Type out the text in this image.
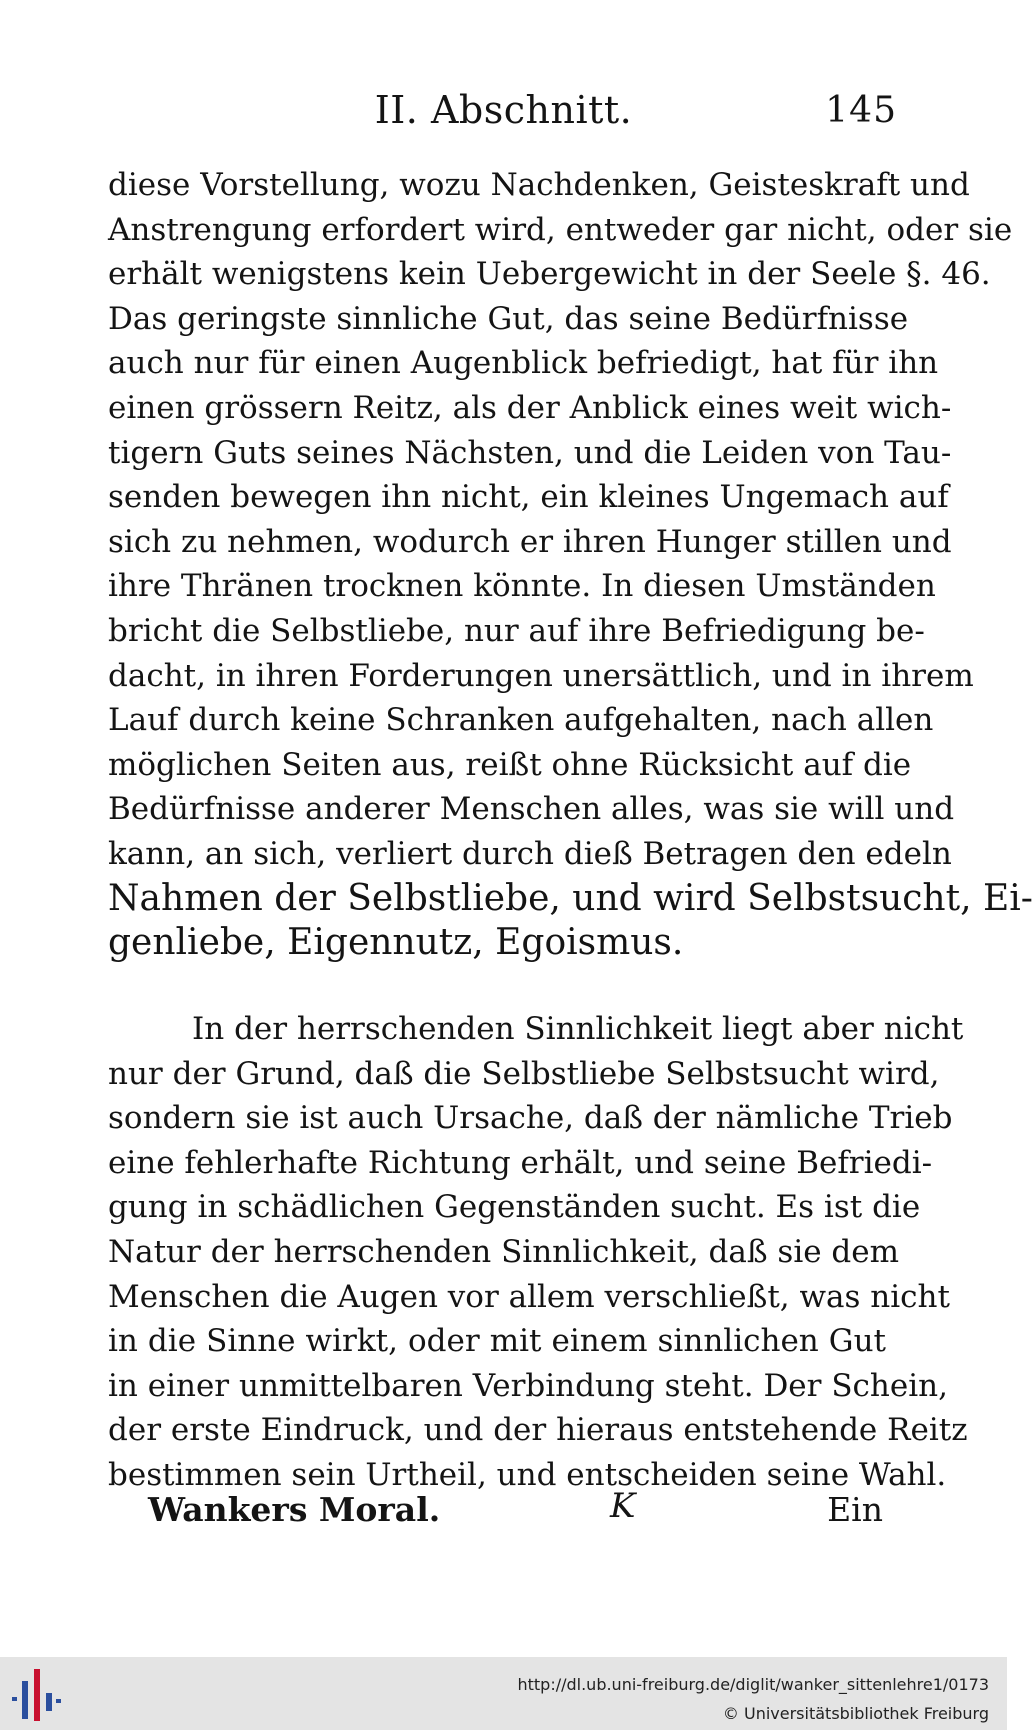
II. Abschnitt.	145
diese Vorstellung, wozu Nachdenken, Geisteskraft und
Anstrengung erfordert wird, entweder gar nicht, oder sie
erhält wenigstens kein Uebergewicht in der Seele §. 46.
Das geringste sinnliche Gut, das seine Bedürfnisse
auch nur für einen Augenblick befriedigt, hat für ihn
einen grössern Reitz, als der Anblick eines weit wich-
tigern Guts seines Nächsten, und die Leiden von Tau-
senden bewegen ihn nicht, ein kleines Ungemach auf
sich zu nehmen, wodurch er ihren Hunger stillen und
ihre Thränen trocknen könnte. In diesen Umständen
bricht die Selbstliebe, nur auf ihre Befriedigung be-
dacht, in ihren Forderungen unersättlich, und in ihrem
Lauf durch keine Schranken aufgehalten, nach allen
möglichen Seiten aus, reißt ohne Rücksicht auf die
Bedürfnisse anderer Menschen alles, was sie will und
kann, an sich, verliert durch dieß Betragen den edeln
Nahmen der Selbstliebe, und wird Selbstsucht, Ei-
genliebe, Eigennutz, Egoismus.
In der herrschenden Sinnlichkeit liegt aber nicht
nur der Grund, daß die Selbstliebe Selbstsucht wird,
sondern sie ist auch Ursache, daß der nämliche Trieb
eine fehlerhafte Richtung erhält, und seine Befriedi-
gung in schädlichen Gegenständen sucht. Es ist die
Natur der herrschenden Sinnlichkeit, daß sie dem
Menschen die Augen vor allem verschließt, was nicht
in die Sinne wirkt, oder mit einem sinnlichen Gut
in einer unmittelbaren Verbindung steht. Der Schein,
der erste Eindruck, und der hieraus entstehende Reitz
bestimmen sein Urtheil, und entscheiden seine Wahl.
Wankers Moral.	K	Ein
http://dl.ub.uni-freiburg.de/diglit/wanker_sittenlehre1/0173
© Universitätsbibliothek Freiburg
